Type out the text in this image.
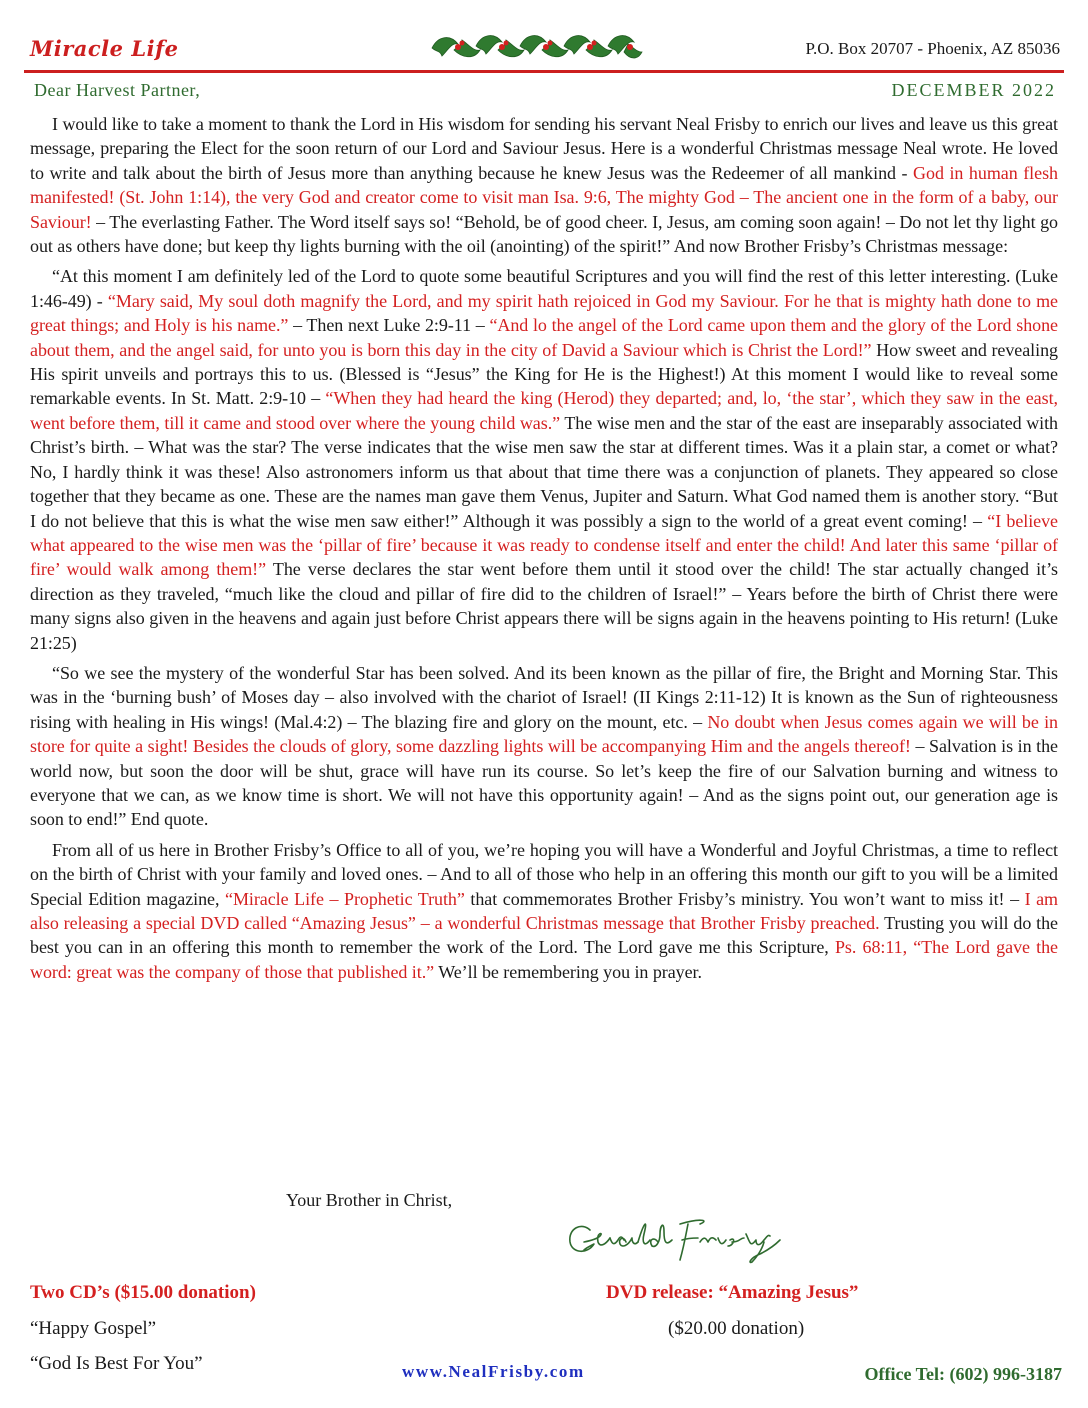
Miracle Life	P.O. Box 20707 - Phoenix, AZ 85036
Dear Harvest Partner,	DECEMBER 2022

I would like to take a moment to thank the Lord in His wisdom for sending his servant Neal Frisby to enrich our lives and leave us this great message, preparing the Elect for the soon return of our Lord and Saviour Jesus. Here is a wonderful Christmas message Neal wrote. He loved to write and talk about the birth of Jesus more than anything because he knew Jesus was the Redeemer of all mankind - God in human flesh manifested! (St. John 1:14), the very God and creator come to visit man Isa. 9:6, The mighty God – The ancient one in the form of a baby, our Saviour! – The everlasting Father. The Word itself says so! “Behold, be of good cheer. I, Jesus, am coming soon again! – Do not let thy light go out as others have done; but keep thy lights burning with the oil (anointing) of the spirit!” And now Brother Frisby’s Christmas message:

“At this moment I am definitely led of the Lord to quote some beautiful Scriptures and you will find the rest of this letter interesting. (Luke 1:46-49) - “Mary said, My soul doth magnify the Lord, and my spirit hath rejoiced in God my Saviour. For he that is mighty hath done to me great things; and Holy is his name.” – Then next Luke 2:9-11 – “And lo the angel of the Lord came upon them and the glory of the Lord shone about them, and the angel said, for unto you is born this day in the city of David a Saviour which is Christ the Lord!” How sweet and revealing His spirit unveils and portrays this to us. (Blessed is “Jesus” the King for He is the Highest!) At this moment I would like to reveal some remarkable events. In St. Matt. 2:9-10 – “When they had heard the king (Herod) they departed; and, lo, ‘the star’, which they saw in the east, went before them, till it came and stood over where the young child was.” The wise men and the star of the east are inseparably associated with Christ’s birth. – What was the star? The verse indicates that the wise men saw the star at different times. Was it a plain star, a comet or what? No, I hardly think it was these! Also astronomers inform us that about that time there was a conjunction of planets. They appeared so close together that they became as one. These are the names man gave them Venus, Jupiter and Saturn. What God named them is another story. “But I do not believe that this is what the wise men saw either!” Although it was possibly a sign to the world of a great event coming! – “I believe what appeared to the wise men was the ‘pillar of fire’ because it was ready to condense itself and enter the child! And later this same ‘pillar of fire’ would walk among them!” The verse declares the star went before them until it stood over the child! The star actually changed it’s direction as they traveled, “much like the cloud and pillar of fire did to the children of Israel!” – Years before the birth of Christ there were many signs also given in the heavens and again just before Christ appears there will be signs again in the heavens pointing to His return! (Luke 21:25)

“So we see the mystery of the wonderful Star has been solved. And its been known as the pillar of fire, the Bright and Morning Star. This was in the ‘burning bush’ of Moses day – also involved with the chariot of Israel! (II Kings 2:11-12) It is known as the Sun of righteousness rising with healing in His wings! (Mal.4:2) – The blazing fire and glory on the mount, etc. – No doubt when Jesus comes again we will be in store for quite a sight! Besides the clouds of glory, some dazzling lights will be accompanying Him and the angels thereof! – Salvation is in the world now, but soon the door will be shut, grace will have run its course. So let’s keep the fire of our Salvation burning and witness to everyone that we can, as we know time is short. We will not have this opportunity again! – And as the signs point out, our generation age is soon to end!” End quote.

From all of us here in Brother Frisby’s Office to all of you, we’re hoping you will have a Wonderful and Joyful Christmas, a time to reflect on the birth of Christ with your family and loved ones. – And to all of those who help in an offering this month our gift to you will be a limited Special Edition magazine, “Miracle Life – Prophetic Truth” that commemorates Brother Frisby’s ministry. You won’t want to miss it! – I am also releasing a special DVD called “Amazing Jesus” – a wonderful Christmas message that Brother Frisby preached. Trusting you will do the best you can in an offering this month to remember the work of the Lord. The Lord gave me this Scripture, Ps. 68:11, “The Lord gave the word: great was the company of those that published it.” We’ll be remembering you in prayer.

Your Brother in Christ,
Two CD’s ($15.00 donation)
“Happy Gospel”
“God Is Best For You”
DVD release: “Amazing Jesus”
($20.00 donation)
www.NealFrisby.com	Office Tel: (602) 996-3187
